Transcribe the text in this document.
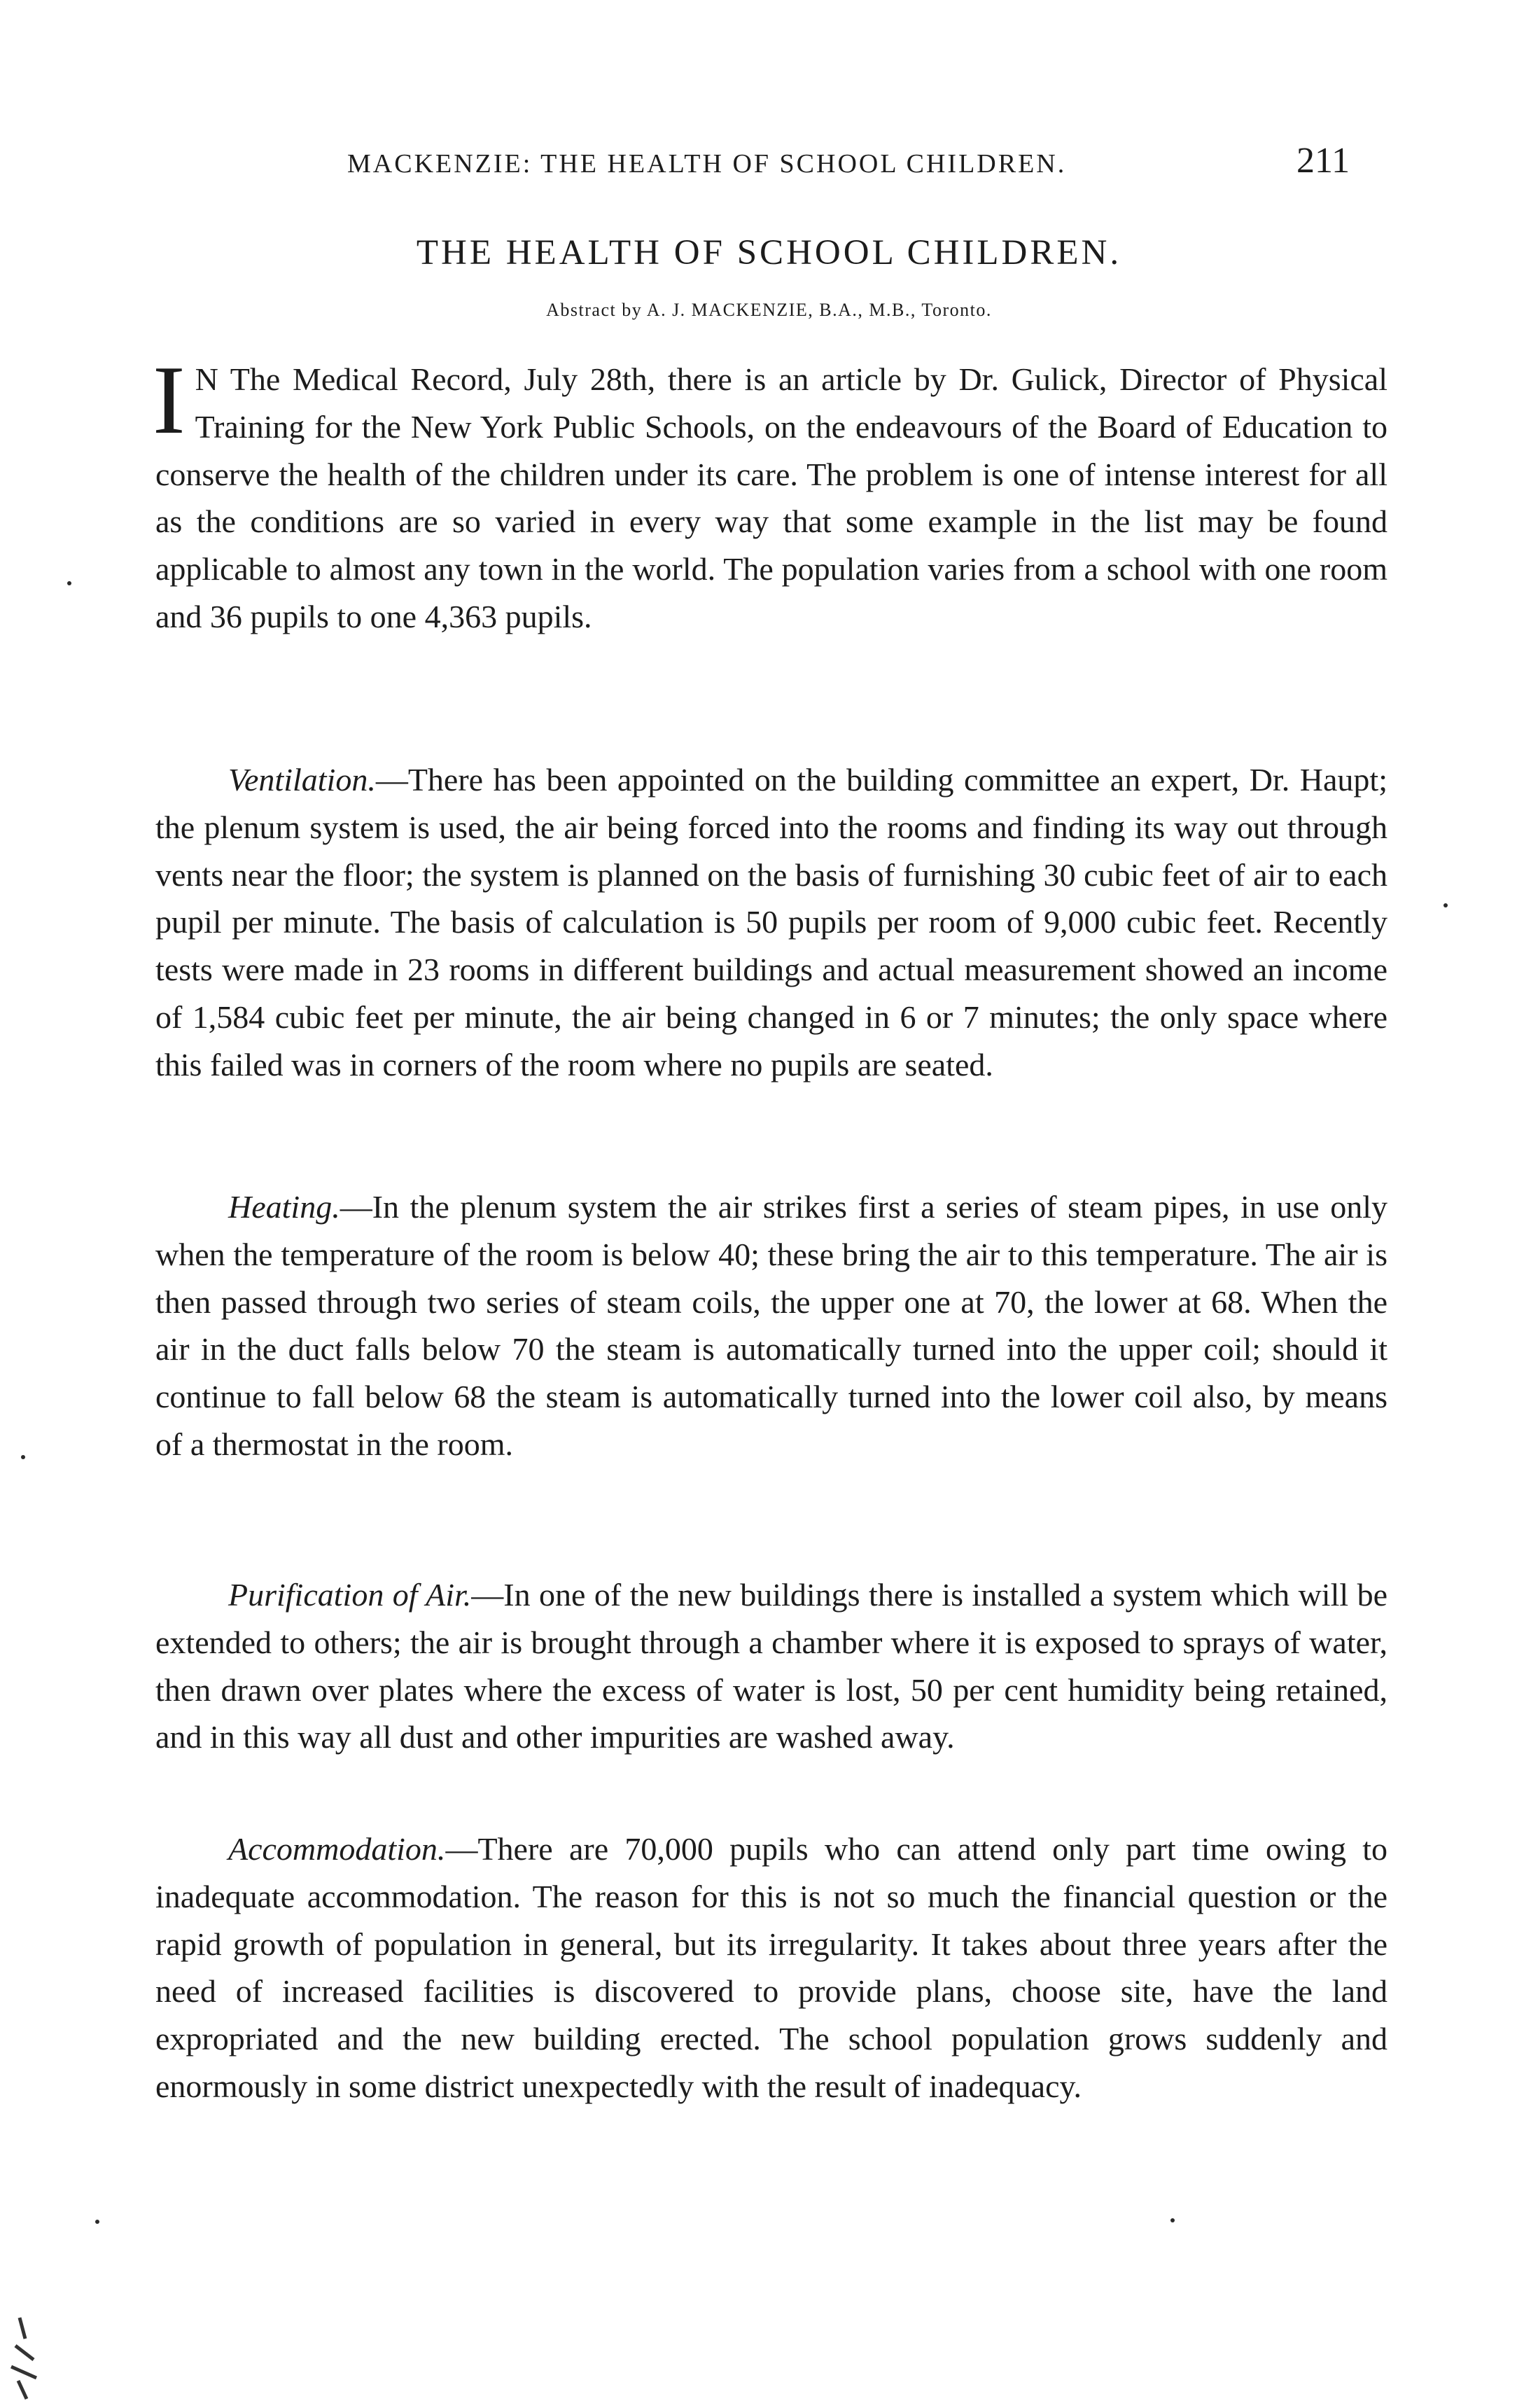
MACKENZIE: THE HEALTH OF SCHOOL CHILDREN.	211
THE HEALTH OF SCHOOL CHILDREN.
Abstract by A. J. MACKENZIE, B.A., M.B., Toronto.

I N The Medical Record, July 28th, there is an article by Dr. Gulick, Director of Physical Training for the New York Public Schools, on the endeavours of the Board of Education to conserve the health of the children under its care. The problem is one of intense interest for all as the conditions are so varied in every way that some example in the list may be found applicable to almost any town in the world. The population varies from a school with one room and 36 pupils to one 4,363 pupils.

Ventilation.—There has been appointed on the building committee an expert, Dr. Haupt; the plenum system is used, the air being forced into the rooms and finding its way out through vents near the floor; the system is planned on the basis of furnishing 30 cubic feet of air to each pupil per minute. The basis of calculation is 50 pupils per room of 9,000 cubic feet. Recently tests were made in 23 rooms in different buildings and actual measurement showed an income of 1,584 cubic feet per minute, the air being changed in 6 or 7 minutes; the only space where this failed was in corners of the room where no pupils are seated.

Heating.—In the plenum system the air strikes first a series of steam pipes, in use only when the temperature of the room is below 40; these bring the air to this temperature. The air is then passed through two series of steam coils, the upper one at 70, the lower at 68. When the air in the duct falls below 70 the steam is automatically turned into the upper coil; should it continue to fall below 68 the steam is automatically turned into the lower coil also, by means of a thermostat in the room.

Purification of Air.—In one of the new buildings there is installed a system which will be extended to others; the air is brought through a chamber where it is exposed to sprays of water, then drawn over plates where the excess of water is lost, 50 per cent humidity being retained, and in this way all dust and other impurities are washed away.

Accommodation.—There are 70,000 pupils who can attend only part time owing to inadequate accommodation. The reason for this is not so much the financial question or the rapid growth of population in general, but its irregularity. It takes about three years after the need of increased facilities is discovered to provide plans, choose site, have the land expropriated and the new building erected. The school population grows suddenly and enormously in some district unexpectedly with the result of inadequacy.
